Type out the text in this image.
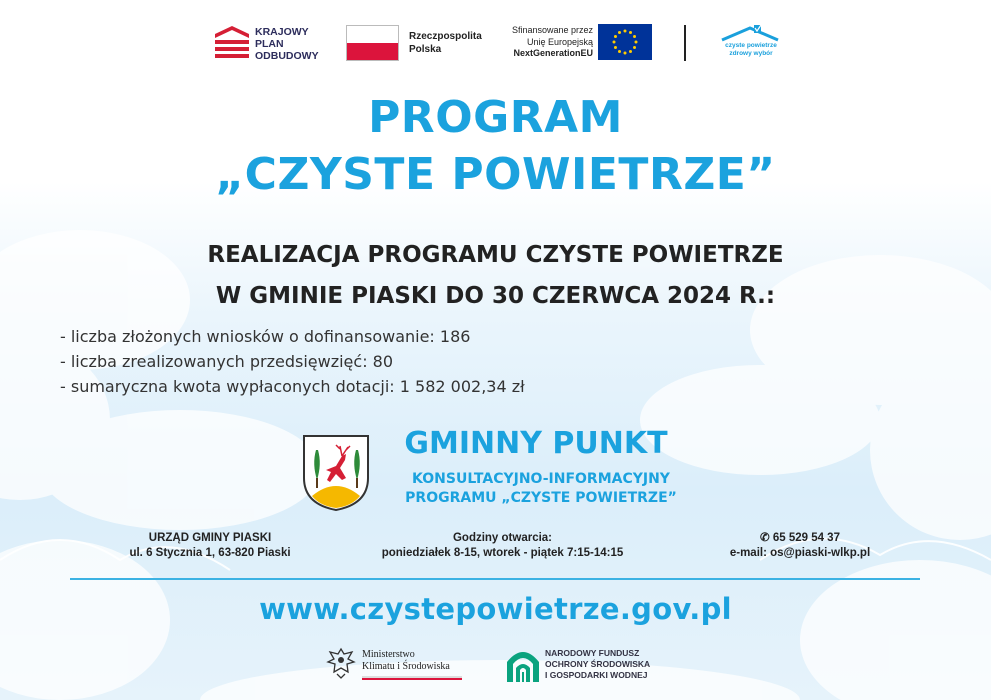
KRAJOWY
PLAN
ODBUDOWY
Rzeczpospolita
Polska
Sfinansowane przez
Unię Europejską
NextGenerationEU
czyste powietrze
zdrowy wybór
PROGRAM
„CZYSTE POWIETRZE”
REALIZACJA PROGRAMU CZYSTE POWIETRZE
W GMINIE PIASKI DO 30 CZERWCA 2024 R.:
- liczba złożonych wniosków o dofinansowanie: 186
- liczba zrealizowanych przedsięwzięć: 80
- sumaryczna kwota wypłaconych dotacji: 1 582 002,34 zł
GMINNY PUNKT
KONSULTACYJNO-INFORMACYJNY
PROGRAMU „CZYSTE POWIETRZE”
URZĄD GMINY PIASKI
ul. 6 Stycznia 1, 63-820 Piaski
Godziny otwarcia:
poniedziałek 8-15, wtorek - piątek 7:15-14:15
✆ 65 529 54 37
e-mail: os@piaski-wlkp.pl
www.czystepowietrze.gov.pl
Ministerstwo
Klimatu i Środowiska
NARODOWY FUNDUSZ
OCHRONY ŚRODOWISKA
I GOSPODARKI WODNEJ
